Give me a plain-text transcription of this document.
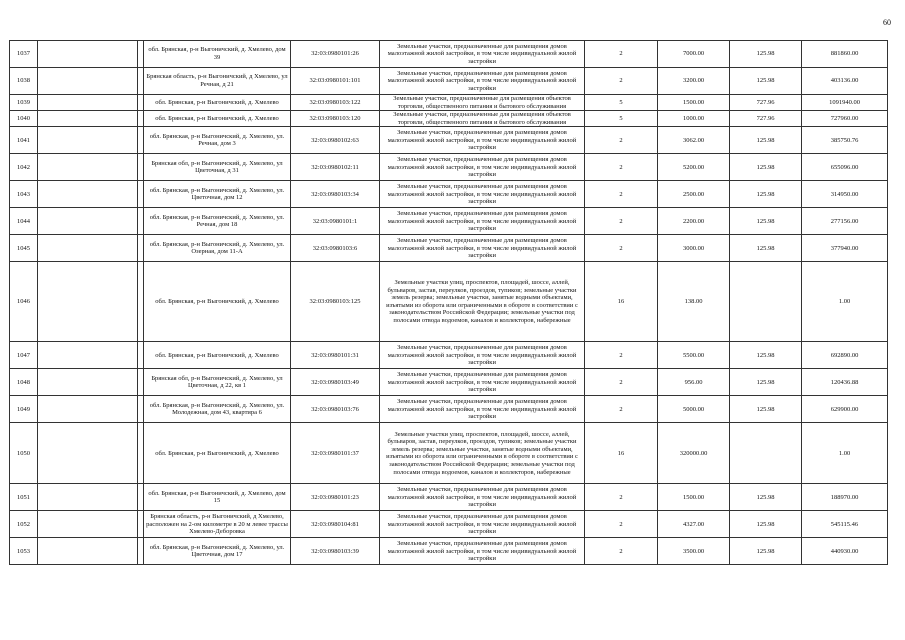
60
1037			обл. Брянская, р-н Выгоничский, д. Хмелево, дом 39	32:03:0980101:26	Земельные участки, предназначенные для размещения домов малоэтажной жилой застройки, в том числе индивидуальной жилой застройки	2	7000.00	125.98	881860.00
1038			Брянская область, р-н Выгоничский, д Хмелево, ул Речная, д 21	32:03:0980101:101	Земельные участки, предназначенные для размещения домов малоэтажной жилой застройки, в том числе индивидуальной жилой застройки	2	3200.00	125.98	403136.00
1039			обл. Брянская, р-н Выгоничский, д. Хмелево	32:03:0980103:122	Земельные участки, предназначенные для размещения объектов торговли, общественного питания и бытового обслуживания	5	1500.00	727.96	1091940.00
1040			обл. Брянская, р-н Выгоничский, д. Хмелево	32:03:0980103:120	Земельные участки, предназначенные для размещения объектов торговли, общественного питания и бытового обслуживания	5	1000.00	727.96	727960.00
1041			обл. Брянская, р-н Выгоничский, д. Хмелево, ул. Речная, дом 3	32:03:0980102:63	Земельные участки, предназначенные для размещения домов малоэтажной жилой застройки, в том числе индивидуальной жилой застройки	2	3062.00	125.98	385750.76
1042			Брянская обл, р-н Выгоничский, д. Хмелево, ул Цветочная, д 31	32:03:0980102:11	Земельные участки, предназначенные для размещения домов малоэтажной жилой застройки, в том числе индивидуальной жилой застройки	2	5200.00	125.98	655096.00
1043			обл. Брянская, р-н Выгоничский, д. Хмелево, ул. Цветочная, дом 12	32:03:0980103:34	Земельные участки, предназначенные для размещения домов малоэтажной жилой застройки, в том числе индивидуальной жилой застройки	2	2500.00	125.98	314950.00
1044			обл. Брянская, р-н Выгоничский, д. Хмелево, ул. Речная, дом 18	32:03:0980101:1	Земельные участки, предназначенные для размещения домов малоэтажной жилой застройки, в том числе индивидуальной жилой застройки	2	2200.00	125.98	277156.00
1045			обл. Брянская, р-н Выгоничский, д. Хмелево, ул. Озерная, дом 11-А	32:03:0980103:6	Земельные участки, предназначенные для размещения домов малоэтажной жилой застройки, в том числе индивидуальной жилой застройки	2	3000.00	125.98	377940.00
1046			обл. Брянская, р-н Выгоничский, д. Хмелево	32:03:0980103:125	Земельные участки улиц, проспектов, площадей, шоссе, аллей, бульваров, застав, переулков, проездов, тупиков; земельные участки земель резерва; земельные участки, занятые водными объектами, изъятыми из оборота или ограниченными в обороте в соответствии с законодательством Российской Федерации; земельные участки под полосами отвода водоемов, каналов и коллекторов, набережные	16	138.00		1.00
1047			обл. Брянская, р-н Выгоничский, д. Хмелево	32:03:0980101:31	Земельные участки, предназначенные для размещения домов малоэтажной жилой застройки, в том числе индивидуальной жилой застройки	2	5500.00	125.98	692890.00
1048			Брянская обл, р-н Выгоничский, д. Хмелево, ул Цветочная, д 22, кв 1	32:03:0980103:49	Земельные участки, предназначенные для размещения домов малоэтажной жилой застройки, в том числе индивидуальной жилой застройки	2	956.00	125.98	120436.88
1049			обл. Брянская, р-н Выгоничский, д. Хмелево, ул. Молодежная, дом 43, квартира 6	32:03:0980103:76	Земельные участки, предназначенные для размещения домов малоэтажной жилой застройки, в том числе индивидуальной жилой застройки	2	5000.00	125.98	629900.00
1050			обл. Брянская, р-н Выгоничский, д. Хмелево	32:03:0980101:37	Земельные участки улиц, проспектов, площадей, шоссе, аллей, бульваров, застав, переулков, проездов, тупиков; земельные участки земель резерва; земельные участки, занятые водными объектами, изъятыми из оборота или ограниченными в обороте в соответствии с законодательством Российской Федерации; земельные участки под полосами отвода водоемов, каналов и коллекторов, набережные	16	320000.00		1.00
1051			обл. Брянская, р-н Выгоничский, д. Хмелево, дом 15	32:03:0980101:23	Земельные участки, предназначенные для размещения домов малоэтажной жилой застройки, в том числе индивидуальной жилой застройки	2	1500.00	125.98	188970.00
1052			Брянская область, р-н Выгоничский, д Хмелево, расположен на 2-ом километре в 20 м левее трассы Хмелево-Деборовка	32:03:0980104:81	Земельные участки, предназначенные для размещения домов малоэтажной жилой застройки, в том числе индивидуальной жилой застройки	2	4327.00	125.98	545115.46
1053			обл. Брянская, р-н Выгоничский, д. Хмелево, ул. Цветочная, дом 17	32:03:0980103:39	Земельные участки, предназначенные для размещения домов малоэтажной жилой застройки, в том числе индивидуальной жилой застройки	2	3500.00	125.98	440930.00
